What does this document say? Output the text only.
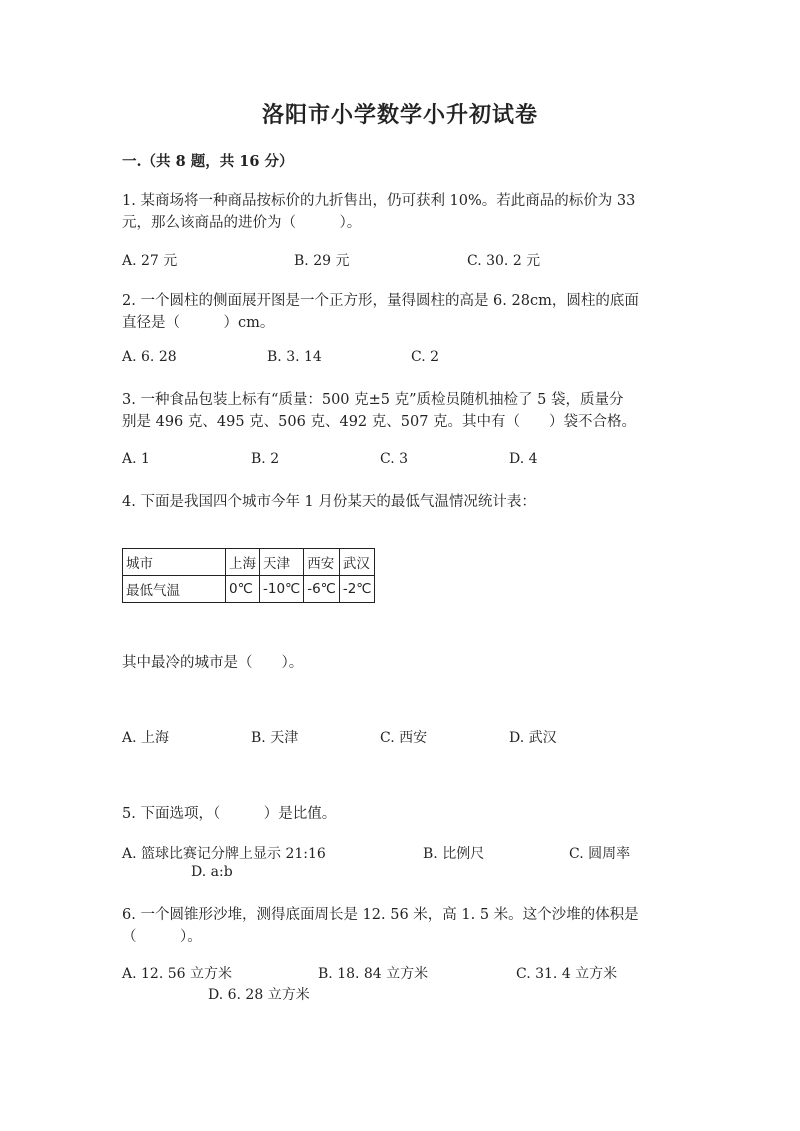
洛阳市小学数学小升初试卷
一.（共 8 题，共 16 分）
1. 某商场将一种商品按标价的九折售出，仍可获利 10%。若此商品的标价为 33
元，那么该商品的进价为（　　　）。
A. 27 元	B. 29 元	C. 30. 2 元
2. 一个圆柱的侧面展开图是一个正方形，量得圆柱的高是 6. 28cm，圆柱的底面
直径是（　　　）cm。
A. 6. 28	B. 3. 14	C. 2
3. 一种食品包装上标有“质量：500 克±5 克”质检员随机抽检了 5 袋，质量分
别是 496 克、495 克、506 克、492 克、507 克。其中有（　　）袋不合格。
A. 1	B. 2	C. 3	D. 4
4. 下面是我国四个城市今年 1 月份某天的最低气温情况统计表：
城市	上海	天津	西安	武汉
最低气温	0℃	-10℃	-6℃	-2℃
其中最冷的城市是（　　）。
A. 上海	B. 天津	C. 西安	D. 武汉
5. 下面选项，（　　　）是比值。
A. 篮球比赛记分牌上显示 21:16	B. 比例尺	C. 圆周率
D. a:b
6. 一个圆锥形沙堆，测得底面周长是 12. 56 米，高 1. 5 米。这个沙堆的体积是
（　　　）。
A. 12. 56 立方米	B. 18. 84 立方米	C. 31. 4 立方米
D. 6. 28 立方米
